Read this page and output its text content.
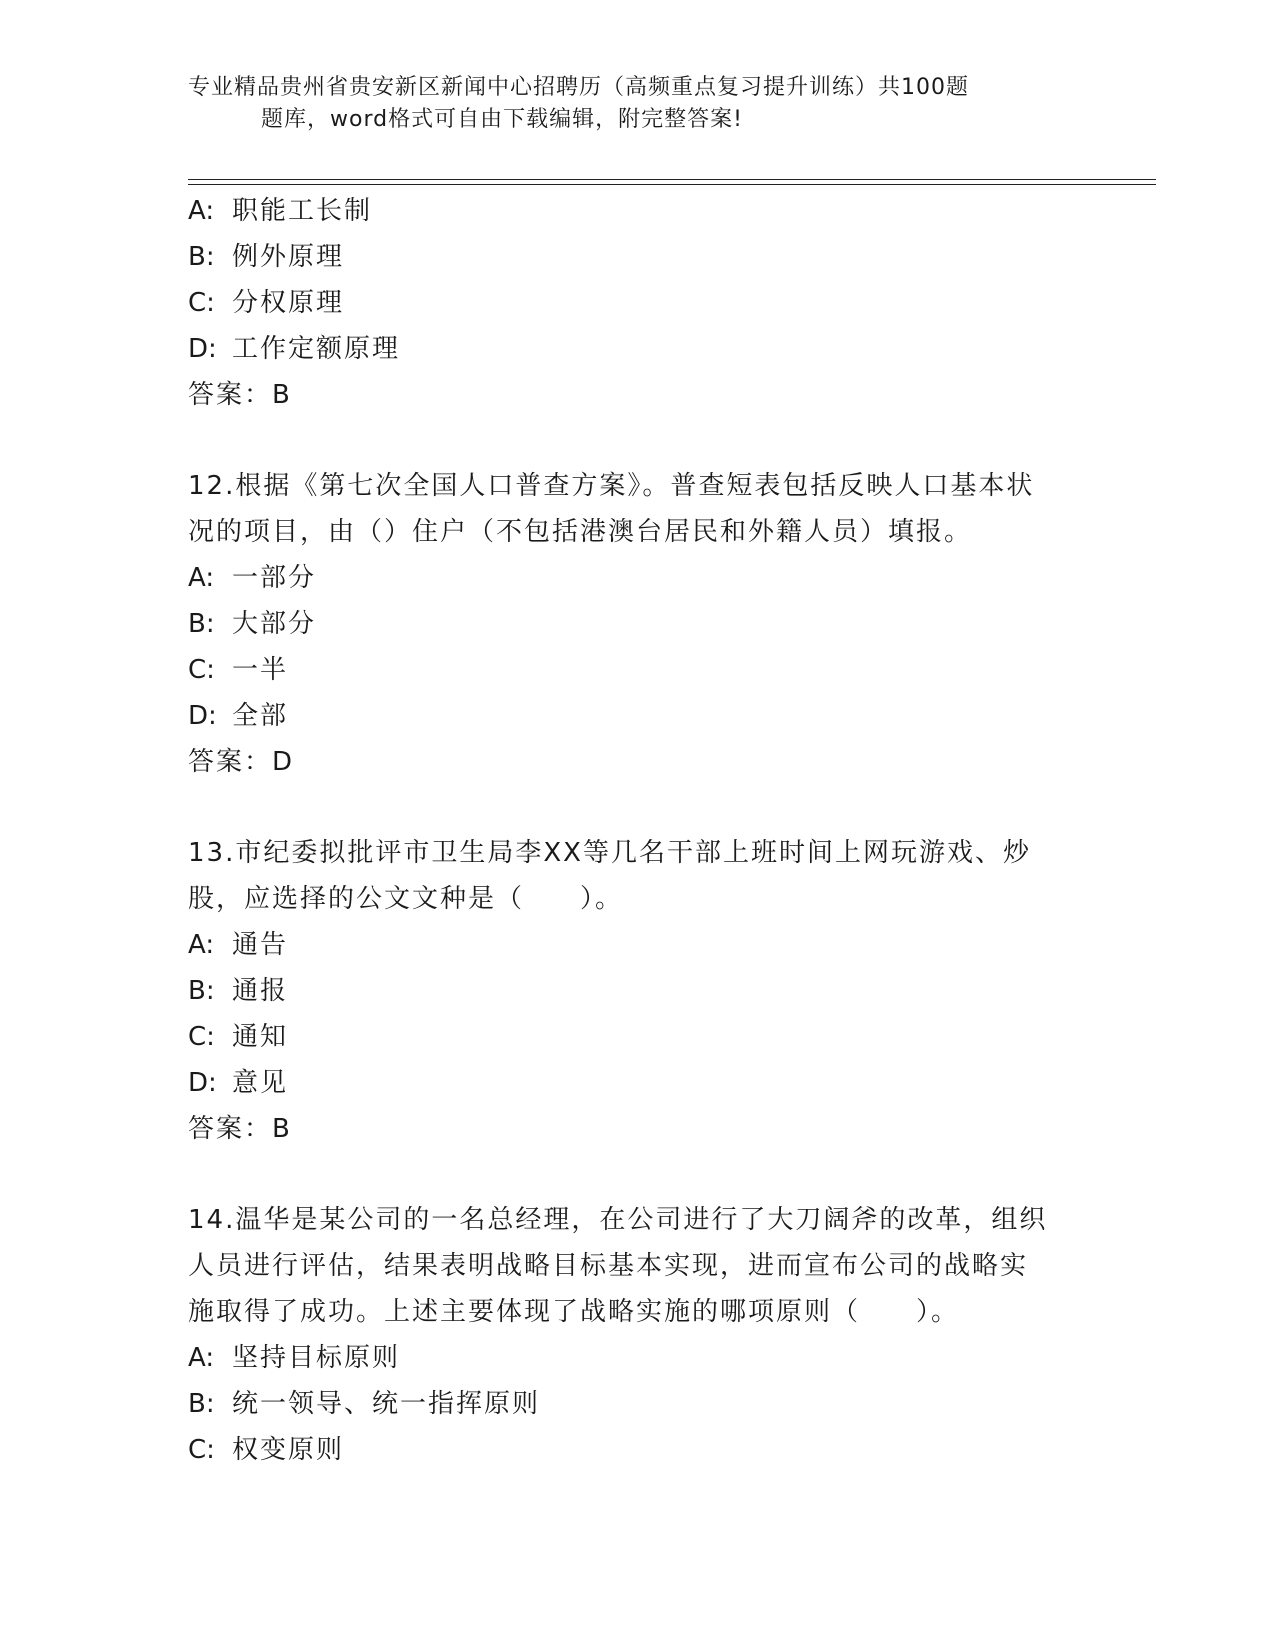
专业精品贵州省贵安新区新闻中心招聘历（高频重点复习提升训练）共100题
题库，word格式可自由下载编辑，附完整答案!
A: 职能工长制
B: 例外原理
C: 分权原理
D: 工作定额原理
答案：B
12.根据《第七次全国人口普查方案》。普查短表包括反映人口基本状
况的项目，由（）住户（不包括港澳台居民和外籍人员）填报。
A: 一部分
B: 大部分
C: 一半
D: 全部
答案：D
13.市纪委拟批评市卫生局李XX等几名干部上班时间上网玩游戏、炒
股，应选择的公文文种是（　　）。
A: 通告
B: 通报
C: 通知
D: 意见
答案：B
14.温华是某公司的一名总经理，在公司进行了大刀阔斧的改革，组织
人员进行评估，结果表明战略目标基本实现，进而宣布公司的战略实
施取得了成功。上述主要体现了战略实施的哪项原则（　　）。
A: 坚持目标原则
B: 统一领导、统一指挥原则
C: 权变原则
